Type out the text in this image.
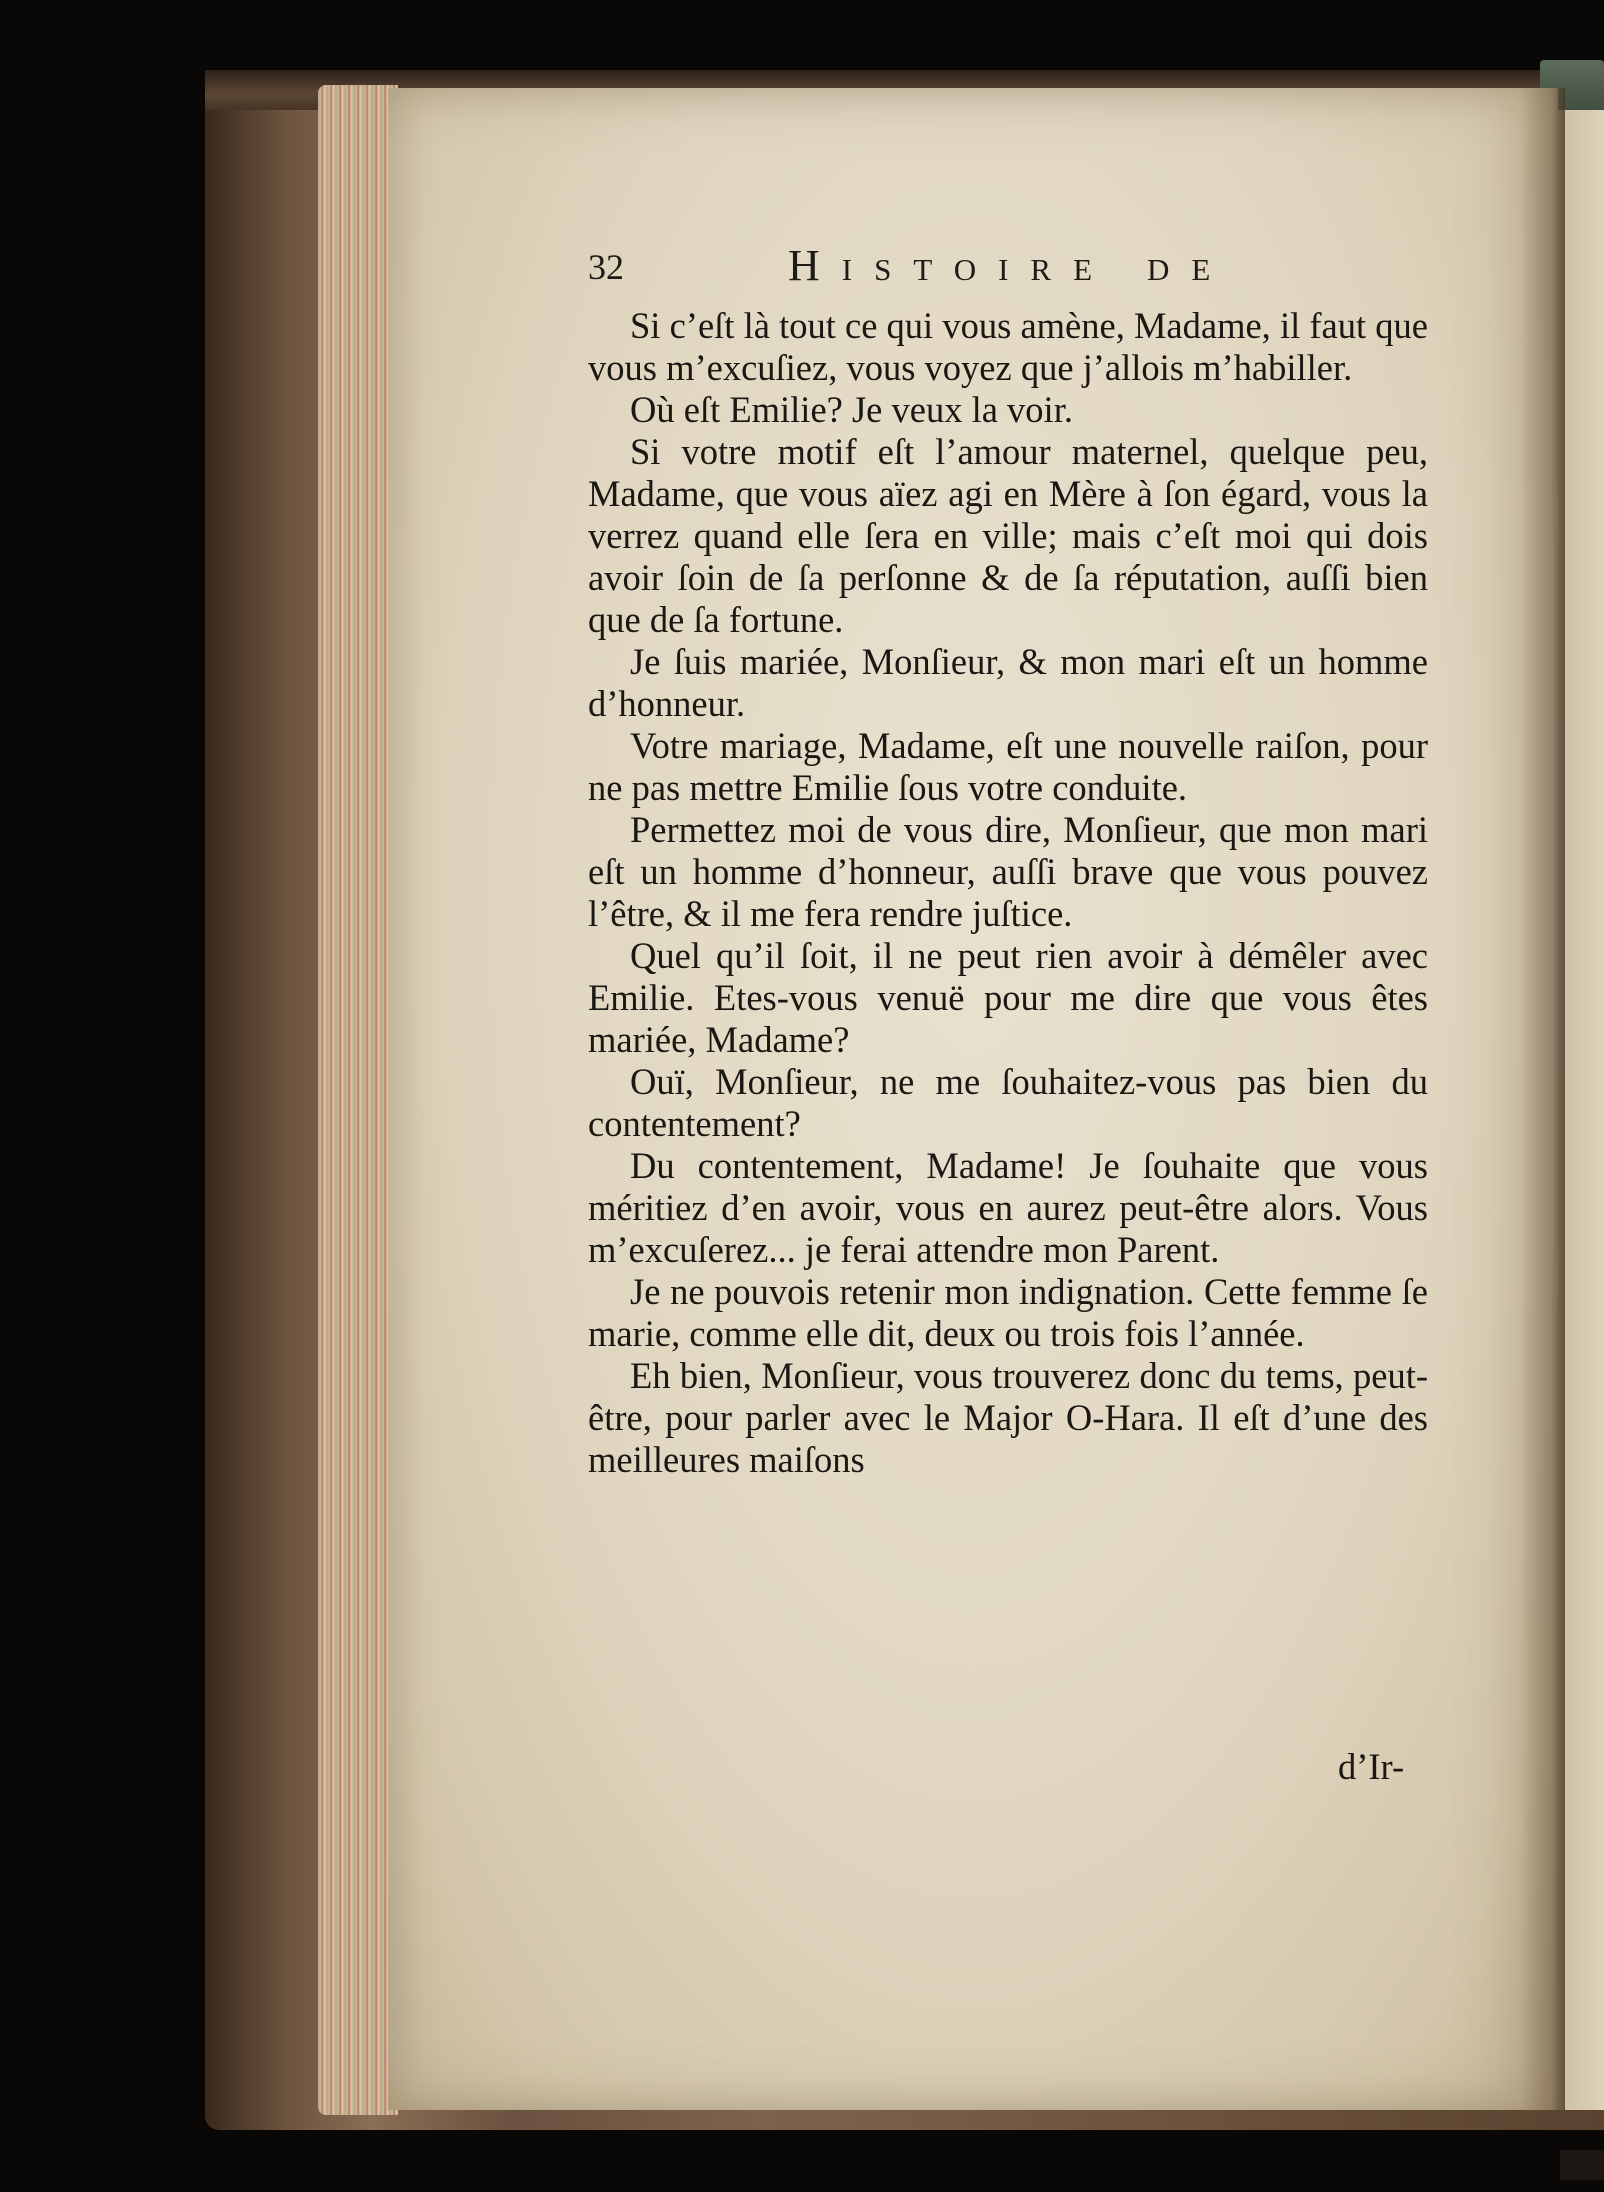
32	Histoire de

Si c’eſt là tout ce qui vous amène, Madame, il faut que vous m’excuſiez, vous voyez que j’allois m’habiller.

Où eſt Emilie? Je veux la voir.

Si votre motif eſt l’amour maternel, quelque peu, Madame, que vous aïez agi en Mère à ſon égard, vous la verrez quand elle ſera en ville; mais c’eſt moi qui dois avoir ſoin de ſa perſonne & de ſa réputation, auſſi bien que de ſa fortune.

Je ſuis mariée, Monſieur, & mon mari eſt un homme d’honneur.

Votre mariage, Madame, eſt une nouvelle raiſon, pour ne pas mettre Emilie ſous votre conduite.

Permettez moi de vous dire, Monſieur, que mon mari eſt un homme d’honneur, auſſi brave que vous pouvez l’être, & il me fera rendre juſtice.

Quel qu’il ſoit, il ne peut rien avoir à démêler avec Emilie. Etes-vous venuë pour me dire que vous êtes mariée, Madame?

Ouï, Monſieur, ne me ſouhaitez-vous pas bien du contentement?

Du contentement, Madame! Je ſouhaite que vous méritiez d’en avoir, vous en aurez peut-être alors. Vous m’excuſerez... je ferai attendre mon Parent.

Je ne pouvois retenir mon indignation. Cette femme ſe marie, comme elle dit, deux ou trois fois l’année.

Eh bien, Monſieur, vous trouverez donc du tems, peut-être, pour parler avec le Major O-Hara. Il eſt d’une des meilleures maiſons

d’Ir-
